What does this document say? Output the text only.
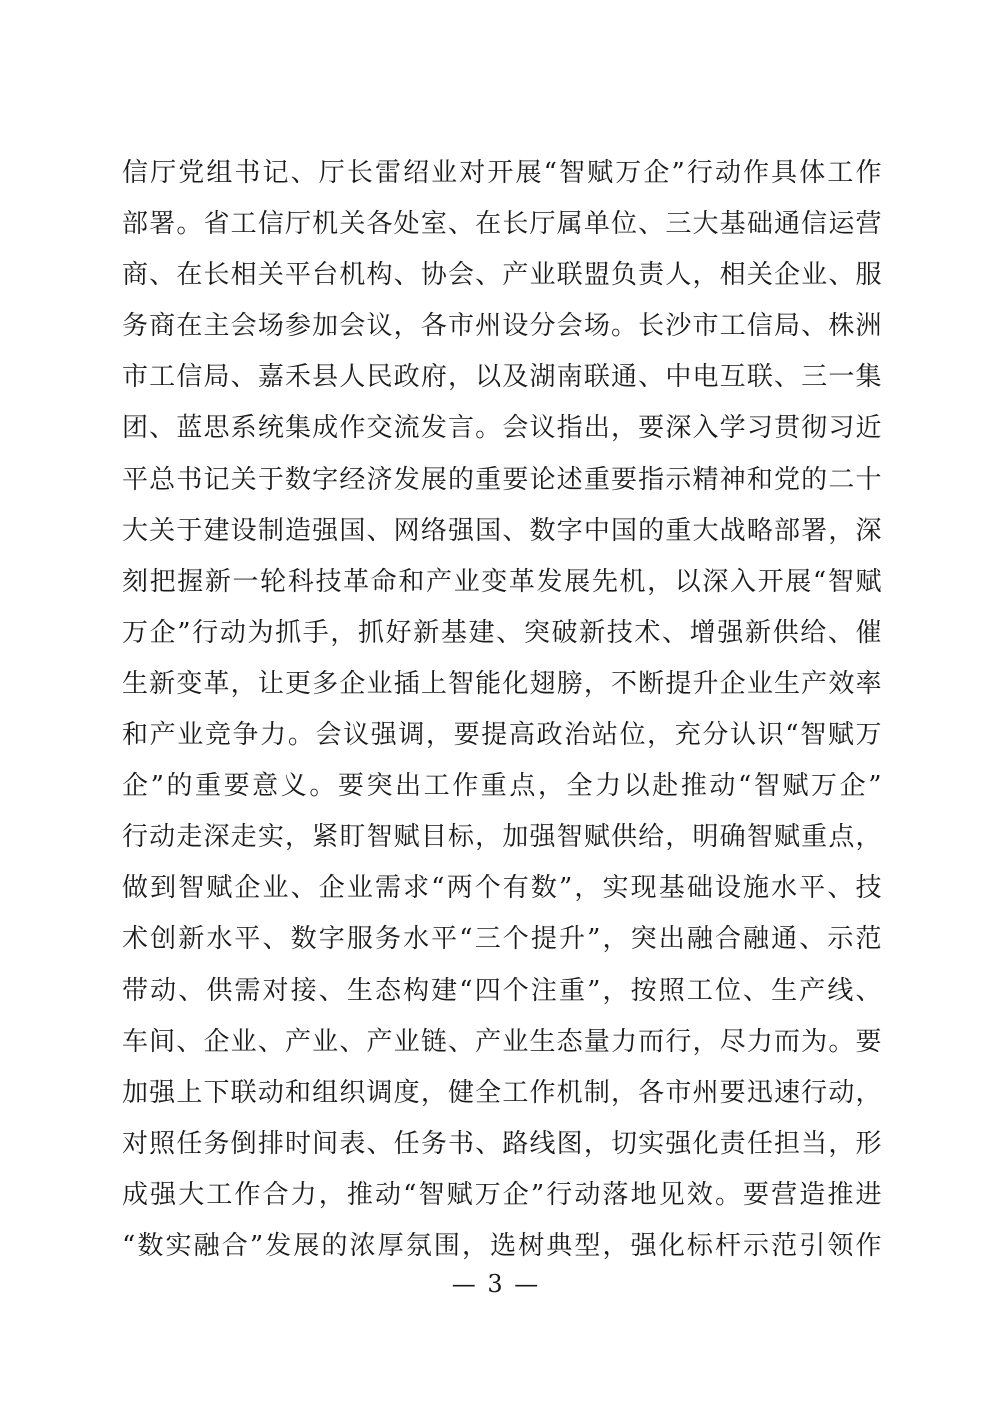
信厅党组书记、厅长雷绍业对开展“智赋万企”行动作具体工作
部署。省工信厅机关各处室、在长厅属单位、三大基础通信运营
商、在长相关平台机构、协会、产业联盟负责人，相关企业、服
务商在主会场参加会议，各市州设分会场。长沙市工信局、株洲
市工信局、嘉禾县人民政府，以及湖南联通、中电互联、三一集
团、蓝思系统集成作交流发言。会议指出，要深入学习贯彻习近
平总书记关于数字经济发展的重要论述重要指示精神和党的二十
大关于建设制造强国、网络强国、数字中国的重大战略部署，深
刻把握新一轮科技革命和产业变革发展先机，以深入开展“智赋
万企”行动为抓手，抓好新基建、突破新技术、增强新供给、催
生新变革，让更多企业插上智能化翅膀，不断提升企业生产效率
和产业竞争力。会议强调，要提高政治站位，充分认识“智赋万
企”的重要意义。要突出工作重点，全力以赴推动“智赋万企”
行动走深走实，紧盯智赋目标，加强智赋供给，明确智赋重点，
做到智赋企业、企业需求“两个有数”，实现基础设施水平、技
术创新水平、数字服务水平“三个提升”，突出融合融通、示范
带动、供需对接、生态构建“四个注重”，按照工位、生产线、
车间、企业、产业、产业链、产业生态量力而行，尽力而为。要
加强上下联动和组织调度，健全工作机制，各市州要迅速行动，
对照任务倒排时间表、任务书、路线图，切实强化责任担当，形
成强大工作合力，推动“智赋万企”行动落地见效。要营造推进
“数实融合”发展的浓厚氛围，选树典型，强化标杆示范引领作
— 3 —
